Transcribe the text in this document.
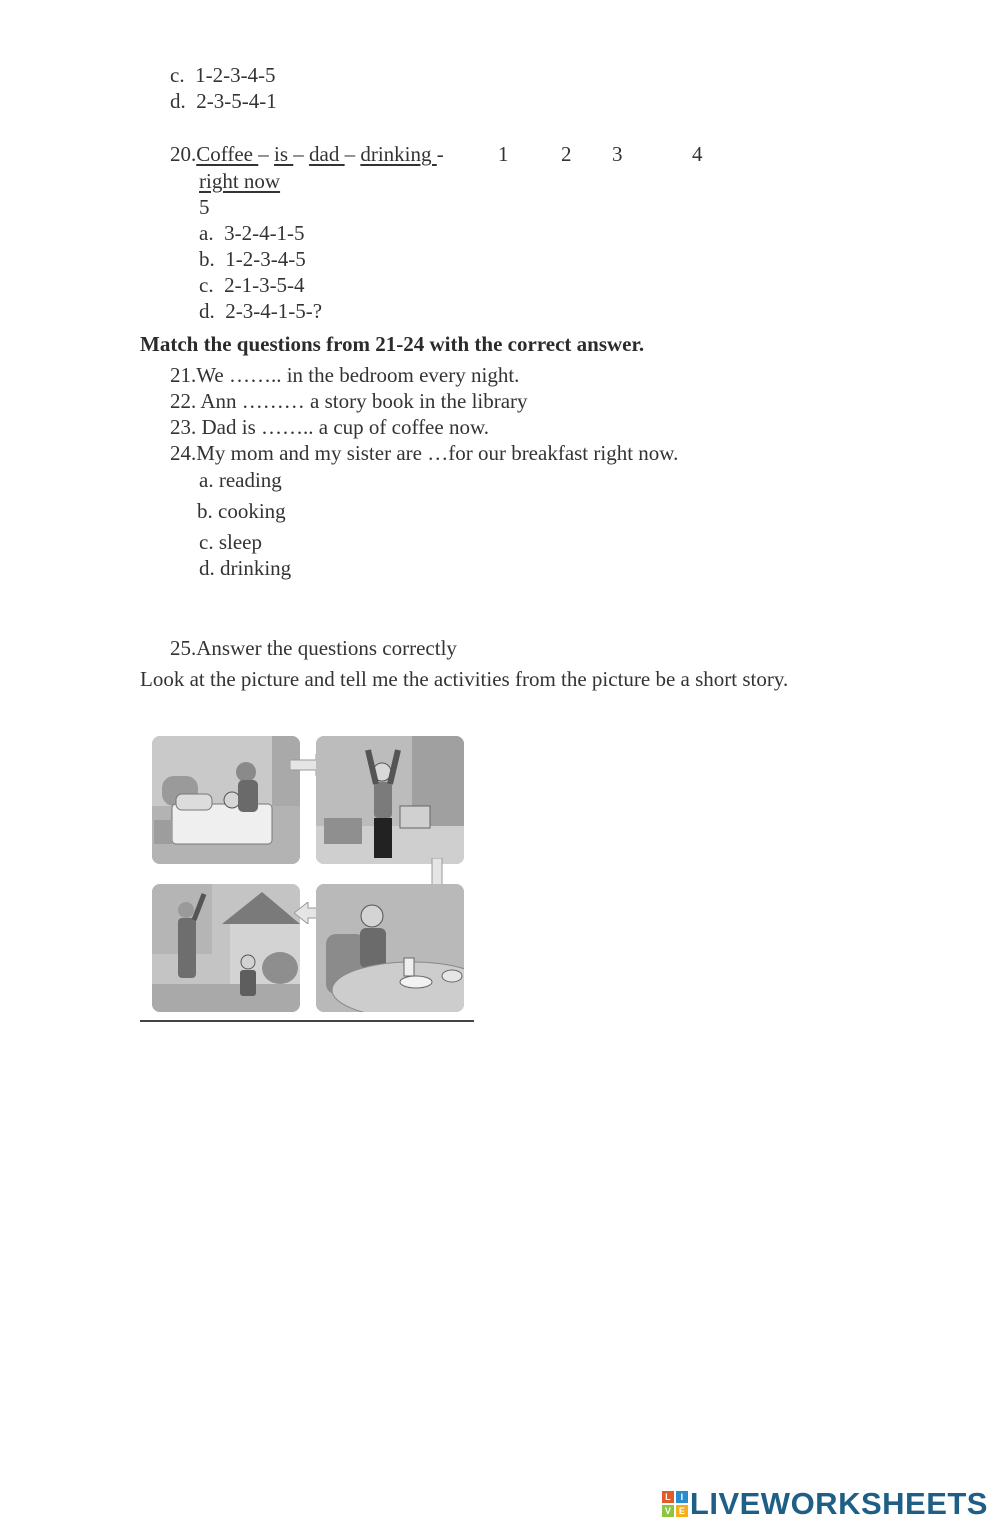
c. 1-2-3-4-5
d. 2-3-5-4-1
20.Coffee – is – dad – drinking -	1	2 3	4
right now
5
a. 3-2-4-1-5
b. 1-2-3-4-5
c. 2-1-3-5-4
d. 2-3-4-1-5-?
Match the questions from 21-24 with the correct answer.
21.We …….. in the bedroom every night.
22. Ann ……… a story book in the library
23. Dad is …….. a cup of coffee now.
24.My mom and my sister are …for our breakfast right now.
a. reading
b. cooking
c. sleep
d. drinking
25.Answer the questions correctly
Look at the picture and tell me the activities from the picture be a short story.
L	I
V E LIVEWORKSHEETS
